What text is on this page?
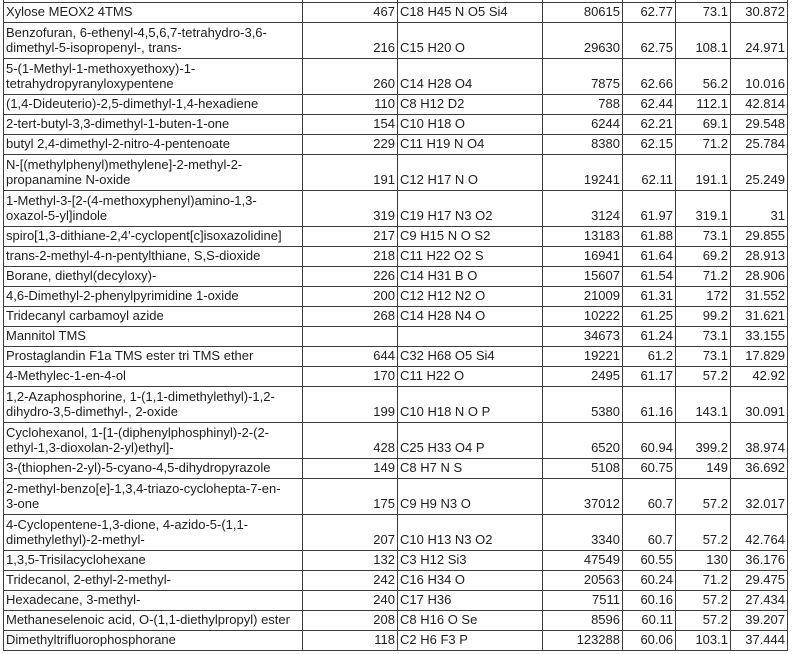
Xylose MEOX2 4TMS	467	C18 H45 N O5 Si4	80615	62.77	73.1	30.872

Benzofuran, 6-ethenyl-4,5,6,7-tetrahydro-3,6-
dimethyl-5-isopropenyl-, trans-	216	C15 H20 O	29630	62.75	108.1	24.971

5-(1-Methyl-1-methoxyethoxy)-1-
tetrahydropyranyloxypentene	260	C14 H28 O4	7875	62.66	56.2	10.016

(1,4-Dideuterio)-2,5-dimethyl-1,4-hexadiene	110	C8 H12 D2	788	62.44	112.1	42.814

2-tert-butyl-3,3-dimethyl-1-buten-1-one	154	C10 H18 O	6244	62.21	69.1	29.548

butyl 2,4-dimethyl-2-nitro-4-pentenoate	229	C11 H19 N O4	8380	62.15	71.2	25.784

N-[(methylphenyl)methylene]-2-methyl-2-
propanamine N-oxide	191	C12 H17 N O	19241	62.11	191.1	25.249

1-Methyl-3-[2-(4-methoxyphenyl)amino-1,3-
oxazol-5-yl]indole	319	C19 H17 N3 O2	3124	61.97	319.1	31

spiro[1,3-dithiane-2,4'-cyclopent[c]isoxazolidine]	217	C9 H15 N O S2	13183	61.88	73.1	29.855

trans-2-methyl-4-n-pentylthiane, S,S-dioxide	218	C11 H22 O2 S	16941	61.64	69.2	28.913

Borane, diethyl(decyloxy)-	226	C14 H31 B O	15607	61.54	71.2	28.906

4,6-Dimethyl-2-phenylpyrimidine 1-oxide	200	C12 H12 N2 O	21009	61.31	172	31.552

Tridecanyl carbamoyl azide	268	C14 H28 N4 O	10222	61.25	99.2	31.621

Mannitol TMS			34673	61.24	73.1	33.155

Prostaglandin F1a TMS ester tri TMS ether	644	C32 H68 O5 Si4	19221	61.2	73.1	17.829

4-Methylec-1-en-4-ol	170	C11 H22 O	2495	61.17	57.2	42.92

1,2-Azaphosphorine, 1-(1,1-dimethylethyl)-1,2-
dihydro-3,5-dimethyl-, 2-oxide	199	C10 H18 N O P	5380	61.16	143.1	30.091

Cyclohexanol, 1-[1-(diphenylphosphinyl)-2-(2-
ethyl-1,3-dioxolan-2-yl)ethyl]-	428	C25 H33 O4 P	6520	60.94	399.2	38.974

3-(thiophen-2-yl)-5-cyano-4,5-dihydropyrazole	149	C8 H7 N S	5108	60.75	149	36.692

2-methyl-benzo[e]-1,3,4-triazo-cyclohepta-7-en-
3-one	175	C9 H9 N3 O	37012	60.7	57.2	32.017

4-Cyclopentene-1,3-dione, 4-azido-5-(1,1-
dimethylethyl)-2-methyl-	207	C10 H13 N3 O2	3340	60.7	57.2	42.764

1,3,5-Trisilacyclohexane	132	C3 H12 Si3	47549	60.55	130	36.176

Tridecanol, 2-ethyl-2-methyl-	242	C16 H34 O	20563	60.24	71.2	29.475

Hexadecane, 3-methyl-	240	C17 H36	7511	60.16	57.2	27.434

Methaneselenoic acid, O-(1,1-diethylpropyl) ester	208	C8 H16 O Se	8596	60.11	57.2	39.207

Dimethyltrifluorophosphorane	118	C2 H6 F3 P	123288	60.06	103.1	37.444
